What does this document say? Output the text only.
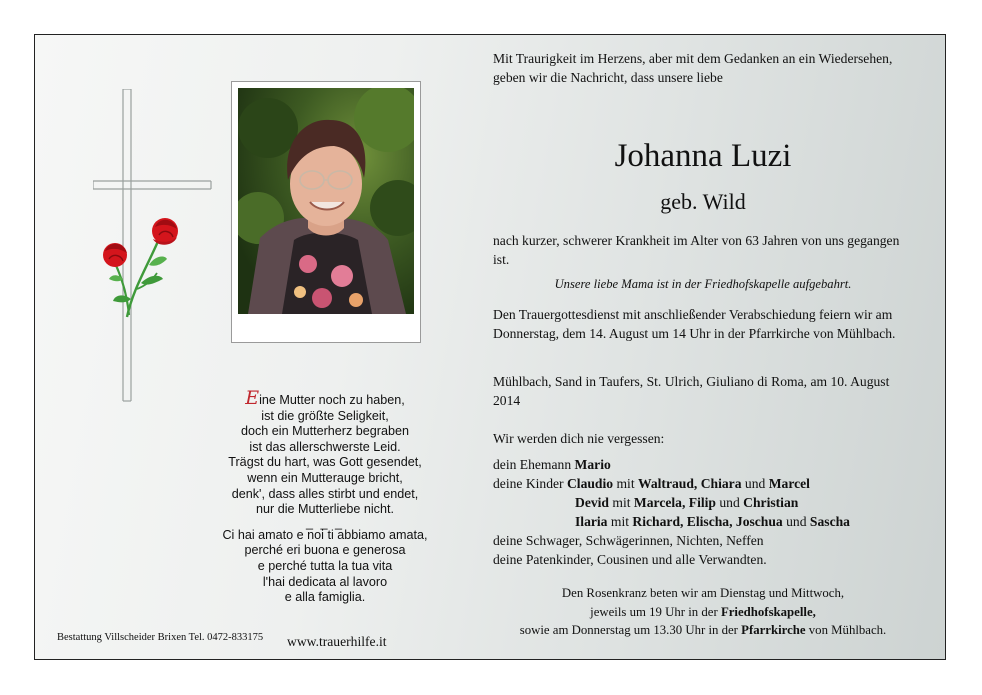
Eine Mutter noch zu haben,
ist die größte Seligkeit,
doch ein Mutterherz begraben
ist das allerschwerste Leid.
Trägst du hart, was Gott gesendet,
wenn ein Mutterauge bricht,
denk', dass alles stirbt und endet,
nur die Mutterliebe nicht.
_ _ _
Ci hai amato e noi ti abbiamo amata,
perché eri buona e generosa
e perché tutta la tua vita
l'hai dedicata al lavoro
e alla famiglia.
Bestattung Villscheider Brixen Tel. 0472-833175 www.trauerhilfe.it
Mit Traurigkeit im Herzens, aber mit dem Gedanken an ein Wiedersehen, geben wir die Nachricht, dass unsere liebe
Johanna Luzi
geb. Wild
nach kurzer, schwerer Krankheit im Alter von 63 Jahren von uns gegangen ist.
Unsere liebe Mama ist in der Friedhofskapelle aufgebahrt.
Den Trauergottesdienst mit anschließender Verabschiedung feiern wir am Donnerstag, dem 14. August um 14 Uhr in der Pfarrkirche von Mühlbach.
Mühlbach, Sand in Taufers, St. Ulrich, Giuliano di Roma, am 10. August 2014
Wir werden dich nie vergessen:
dein Ehemann Mario
deine Kinder Claudio mit Waltraud, Chiara und Marcel
Devid mit Marcela, Filip und Christian
Ilaria mit Richard, Elischa, Joschua und Sascha
deine Schwager, Schwägerinnen, Nichten, Neffen
deine Patenkinder, Cousinen und alle Verwandten.
Den Rosenkranz beten wir am Dienstag und Mittwoch,
jeweils um 19 Uhr in der Friedhofskapelle,
sowie am Donnerstag um 13.30 Uhr in der Pfarrkirche von Mühlbach.
